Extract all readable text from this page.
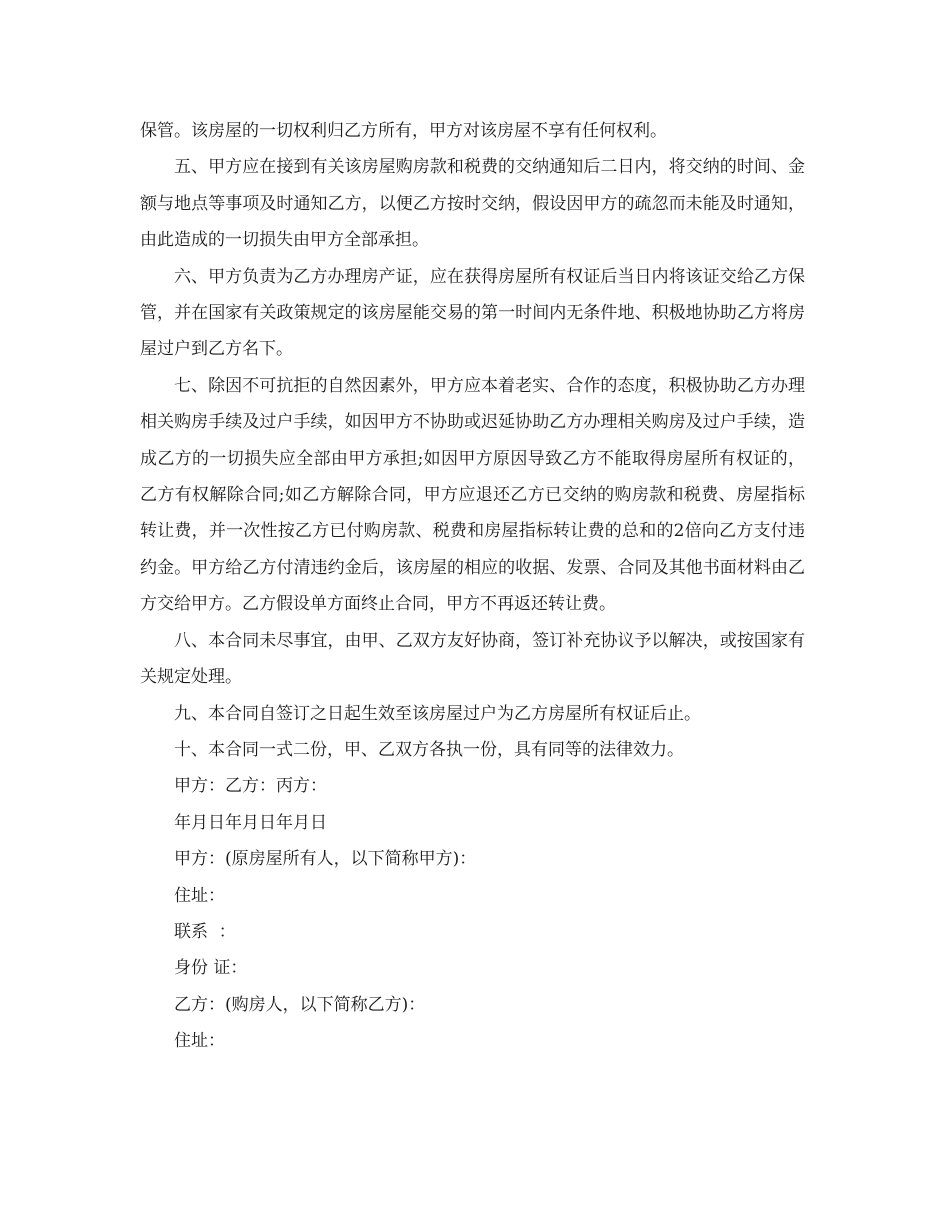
保管。该房屋的一切权利归乙方所有，甲方对该房屋不享有任何权利。

五、甲方应在接到有关该房屋购房款和税费的交纳通知后二日内，将交纳的时间、金额与地点等事项及时通知乙方，以便乙方按时交纳，假设因甲方的疏忽而未能及时通知，由此造成的一切损失由甲方全部承担。

六、甲方负责为乙方办理房产证，应在获得房屋所有权证后当日内将该证交给乙方保管，并在国家有关政策规定的该房屋能交易的第一时间内无条件地、积极地协助乙方将房屋过户到乙方名下。

七、除因不可抗拒的自然因素外，甲方应本着老实、合作的态度，积极协助乙方办理相关购房手续及过户手续，如因甲方不协助或迟延协助乙方办理相关购房及过户手续，造成乙方的一切损失应全部由甲方承担;如因甲方原因导致乙方不能取得房屋所有权证的，乙方有权解除合同;如乙方解除合同，甲方应退还乙方已交纳的购房款和税费、房屋指标转让费，并一次性按乙方已付购房款、税费和房屋指标转让费的总和的2倍向乙方支付违约金。甲方给乙方付清违约金后，该房屋的相应的收据、发票、合同及其他书面材料由乙方交给甲方。乙方假设单方面终止合同，甲方不再返还转让费。

八、本合同未尽事宜，由甲、乙双方友好协商，签订补充协议予以解决，或按国家有关规定处理。

九、本合同自签订之日起生效至该房屋过户为乙方房屋所有权证后止。

十、本合同一式二份，甲、乙双方各执一份，具有同等的法律效力。

甲方：乙方：丙方：

年月日年月日年月日

甲方：(原房屋所有人，以下简称甲方)：

住址：

联系  ：

身份 证：

乙方：(购房人，以下简称乙方)：

住址：
